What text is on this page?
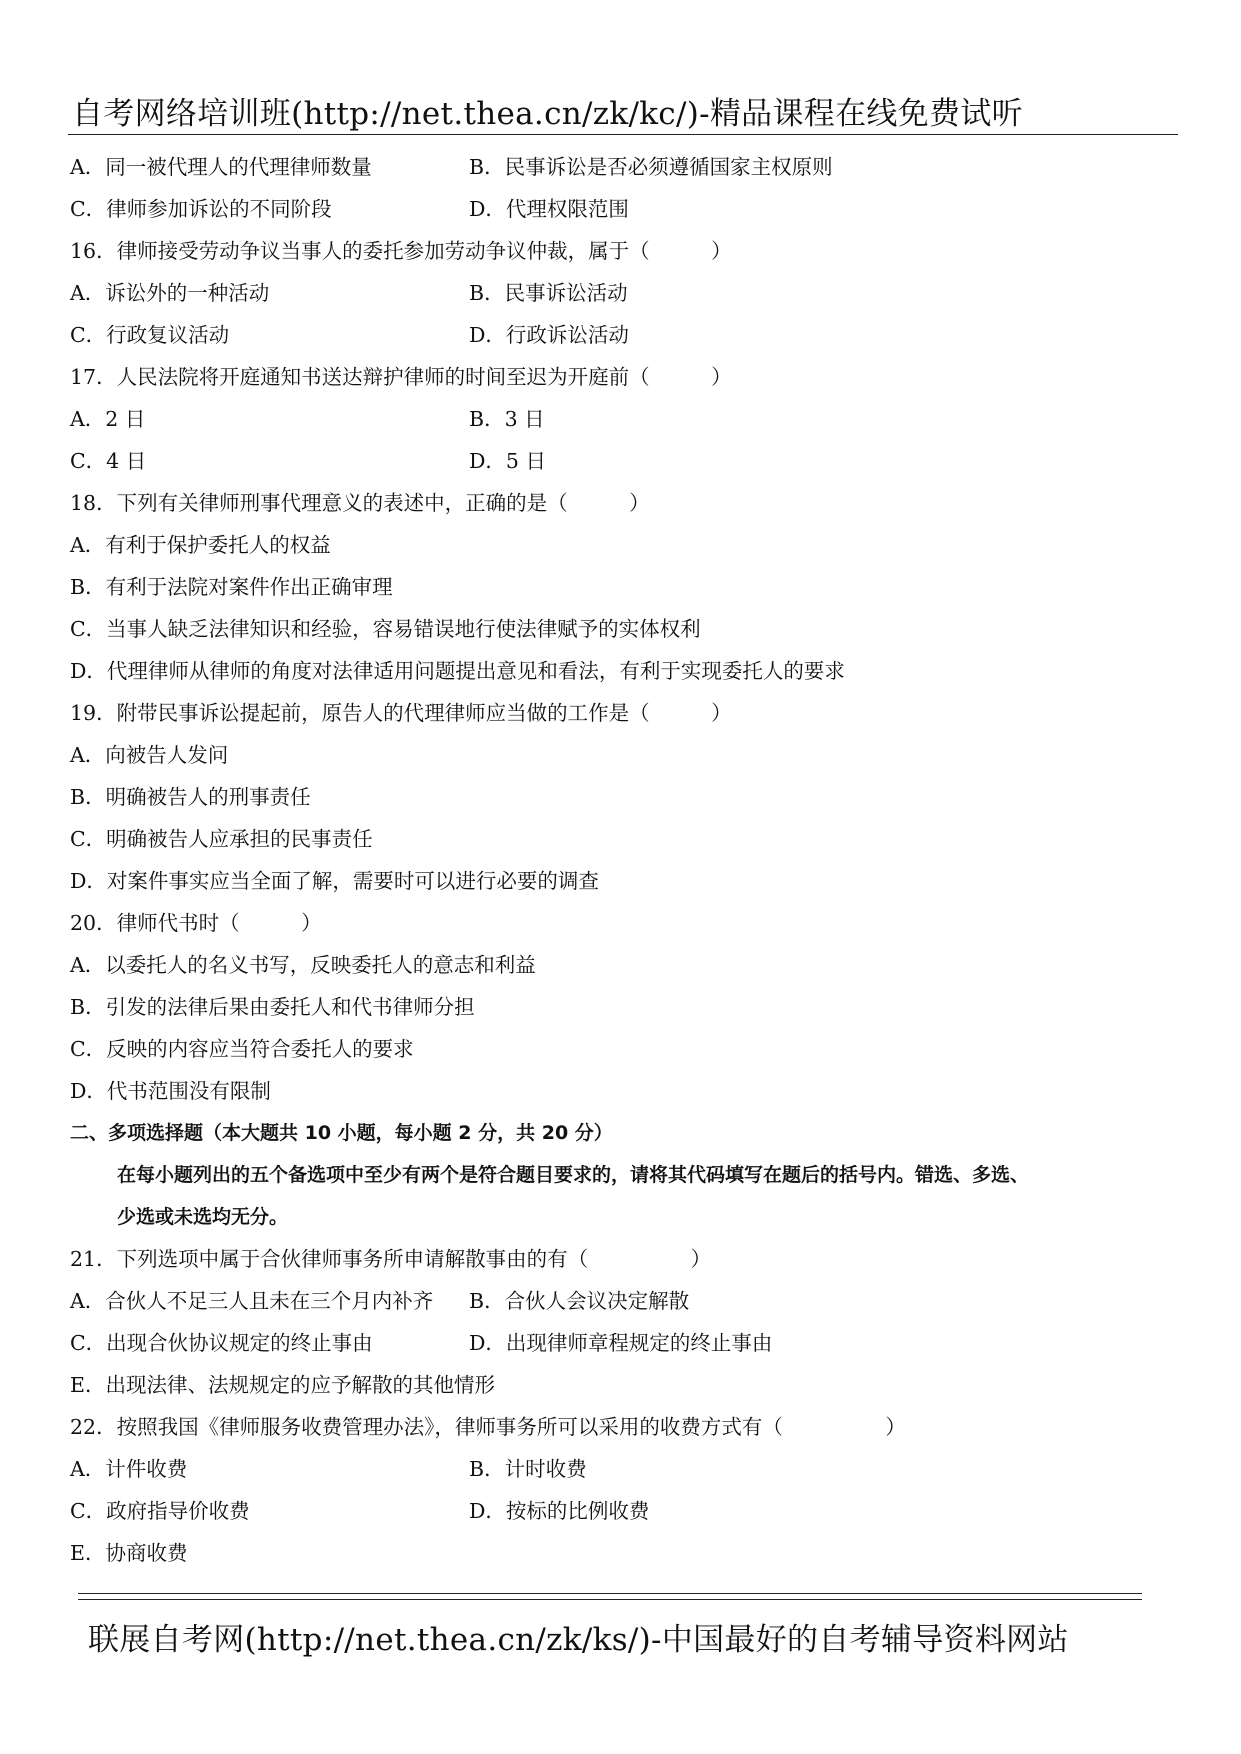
自考网络培训班(http://net.thea.cn/zk/kc/)-精品课程在线免费试听
A．同一被代理人的代理律师数量	B．民事诉讼是否必须遵循国家主权原则
C．律师参加诉讼的不同阶段	D．代理权限范围
16．律师接受劳动争议当事人的委托参加劳动争议仲裁，属于（　　　）
A．诉讼外的一种活动	B．民事诉讼活动
C．行政复议活动	D．行政诉讼活动
17．人民法院将开庭通知书送达辩护律师的时间至迟为开庭前（　　　）
A．2 日	B．3 日
C．4 日	D．5 日
18．下列有关律师刑事代理意义的表述中，正确的是（　　　）
A．有利于保护委托人的权益
B．有利于法院对案件作出正确审理
C．当事人缺乏法律知识和经验，容易错误地行使法律赋予的实体权利
D．代理律师从律师的角度对法律适用问题提出意见和看法，有利于实现委托人的要求
19．附带民事诉讼提起前，原告人的代理律师应当做的工作是（　　　）
A．向被告人发问
B．明确被告人的刑事责任
C．明确被告人应承担的民事责任
D．对案件事实应当全面了解，需要时可以进行必要的调查
20．律师代书时（　　　）
A．以委托人的名义书写，反映委托人的意志和利益
B．引发的法律后果由委托人和代书律师分担
C．反映的内容应当符合委托人的要求
D．代书范围没有限制
二、多项选择题（本大题共 10 小题，每小题 2 分，共 20 分）
在每小题列出的五个备选项中至少有两个是符合题目要求的，请将其代码填写在题后的括号内。错选、多选、
少选或未选均无分。
21．下列选项中属于合伙律师事务所申请解散事由的有（　　　　　）
A．合伙人不足三人且未在三个月内补齐 B．合伙人会议决定解散
C．出现合伙协议规定的终止事由	D．出现律师章程规定的终止事由
E．出现法律、法规规定的应予解散的其他情形
22．按照我国《律师服务收费管理办法》，律师事务所可以采用的收费方式有（　　　　　）
A．计件收费	B．计时收费
C．政府指导价收费	D．按标的比例收费
E．协商收费
联展自考网(http://net.thea.cn/zk/ks/)-中国最好的自考辅导资料网站
